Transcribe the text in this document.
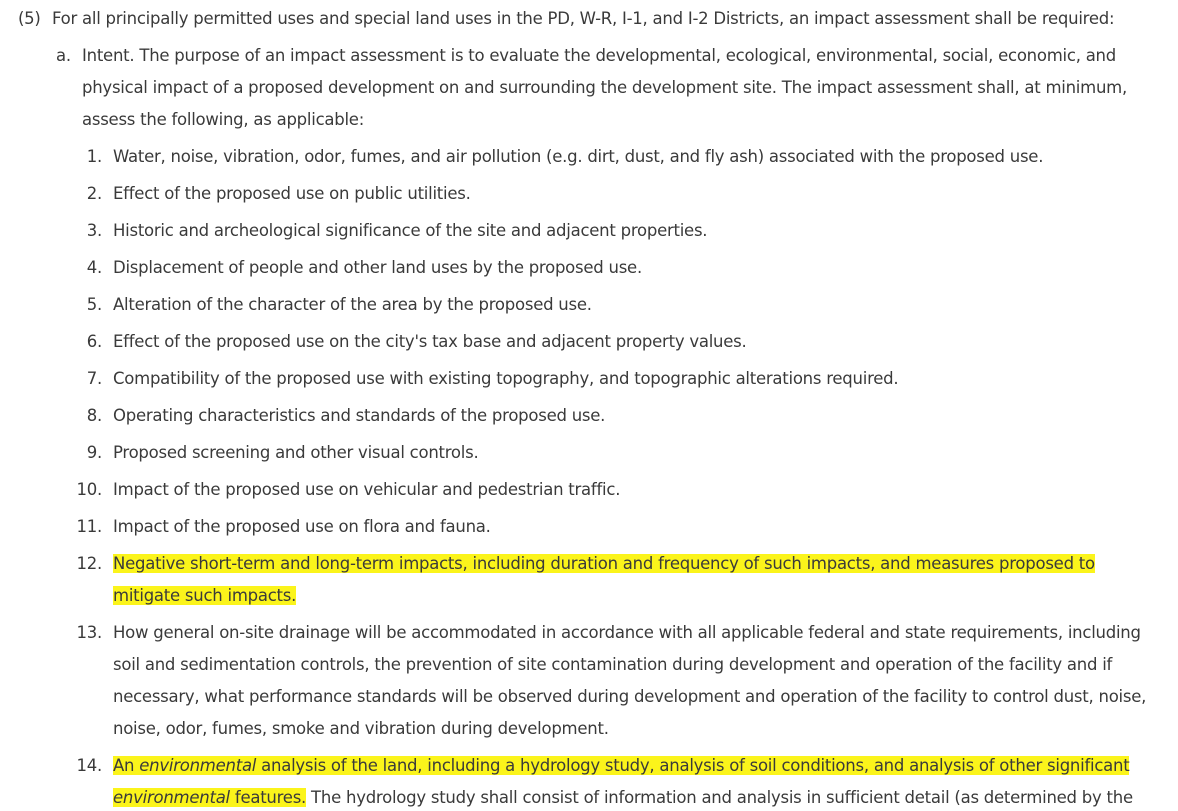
(5) For all principally permitted uses and special land uses in the PD, W-R, I-1, and I-2 Districts, an impact assessment shall be required:
a. Intent. The purpose of an impact assessment is to evaluate the developmental, ecological, environmental, social, economic, and
physical impact of a proposed development on and surrounding the development site. The impact assessment shall, at minimum,
assess the following, as applicable:
1. Water, noise, vibration, odor, fumes, and air pollution (e.g. dirt, dust, and fly ash) associated with the proposed use.
2. Effect of the proposed use on public utilities.
3. Historic and archeological significance of the site and adjacent properties.
4. Displacement of people and other land uses by the proposed use.
5. Alteration of the character of the area by the proposed use.
6. Effect of the proposed use on the city's tax base and adjacent property values.
7. Compatibility of the proposed use with existing topography, and topographic alterations required.
8. Operating characteristics and standards of the proposed use.
9. Proposed screening and other visual controls.
10. Impact of the proposed use on vehicular and pedestrian traffic.
11. Impact of the proposed use on flora and fauna.
12. Negative short-term and long-term impacts, including duration and frequency of such impacts, and measures proposed to
mitigate such impacts.
13. How general on-site drainage will be accommodated in accordance with all applicable federal and state requirements, including
soil and sedimentation controls, the prevention of site contamination during development and operation of the facility and if
necessary, what performance standards will be observed during development and operation of the facility to control dust, noise,
noise, odor, fumes, smoke and vibration during development.
14. An environmental analysis of the land, including a hydrology study, analysis of soil conditions, and analysis of other significant
environmental features. The hydrology study shall consist of information and analysis in sufficient detail (as determined by the
